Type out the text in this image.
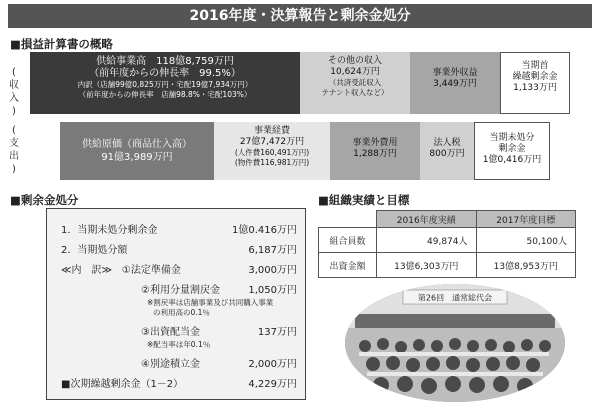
2016年度・決算報告と剰余金処分
■損益計算書の概略
(
収
入
)
(
支
出
)
供給事業高　118億8,759万円
（前年度からの伸長率　99.5%）
内訳（店舗99億0,825万円・宅配19億7,934万円）
（前年度からの伸長率　店舗98.8%・宅配103%）
その他の収入
10,624万円
（共済受託収入
テナント収入など）
事業外収益
3,449万円
当期首
繰越剰余金
1,133万円
供給原価（商品仕入高）
91億3,989万円
事業経費
27億7,472万円
(人件費160,491万円)
(物件費116,981万円)
事業外費用
1,288万円
法人税
800万円
当期未処分
剰余金
1億0,416万円
■剰余金処分
1．当期未処分剰余金	1億0.416万円
2．当期処分額	6,187万円
≪内　訳≫　①法定準備金	3,000万円
②利用分量割戻金	1,050万円
※割戻率は店舗事業及び共同購入事業
の利用高の0.1％
③出資配当金	137万円
※配当率は年0.1％
④別途積立金	2,000万円
■次期繰越剰余金（1－2）	4,229万円
■組織実績と目標
	2016年度実績	2017年度目標
組合員数	49,874人	50,100人
出資金額	13億6,303万円	13億8,953万円
第26回　通常総代会
